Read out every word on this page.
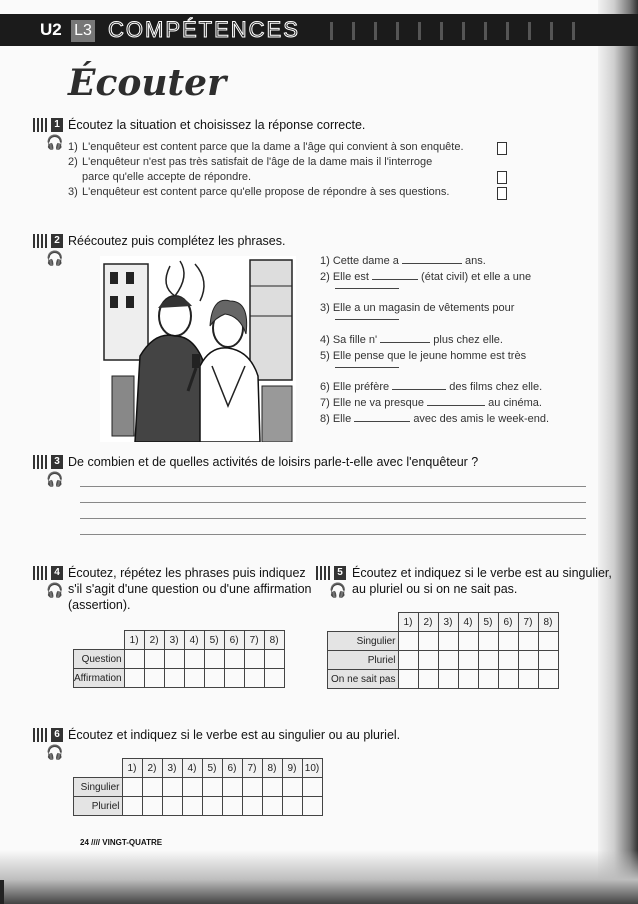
U2 L3 COMPÉTENCES
Écouter
1 Écoutez la situation et choisissez la réponse correcte.
🎧 1) L'enquêteur est content parce que la dame a l'âge qui convient à son enquête.
2) L'enquêteur n'est pas très satisfait de l'âge de la dame mais il l'interroge
parce qu'elle accepte de répondre.
3) L'enquêteur est content parce qu'elle propose de répondre à ses questions.
2 Réécoutez puis complétez les phrases.
🎧	1) Cette dame a	ans.
2) Elle est	(état civil) et elle a une
3) Elle a un magasin de vêtements pour
4) Sa fille n'	plus chez elle.
5) Elle pense que le jeune homme est très
6) Elle préfère	des films chez elle.
7) Elle ne va presque	au cinéma.
8) Elle	avec des amis le week-end.
3 De combien et de quelles activités de loisirs parle-t-elle avec l'enquêteur ?
🎧
4 Écoutez, répétez les phrases puis indiquez
s'il s'agit d'une question ou d'une affirmation
(assertion).
🎧
	1)	2)	3)	4)	5)	6)	7)	8)
Question								
Affirmation								
5 Écoutez et indiquez si le verbe est au singulier,
au pluriel ou si on ne sait pas.
🎧
	1)	2)	3)	4)	5)	6)	7)	8)
Singulier								
Pluriel								
On ne sait pas								
6 Écoutez et indiquez si le verbe est au singulier ou au pluriel.
🎧
	1)	2)	3)	4)	5)	6)	7)	8)	9)	10)
Singulier										
Pluriel										
24 //// VINGT-QUATRE
